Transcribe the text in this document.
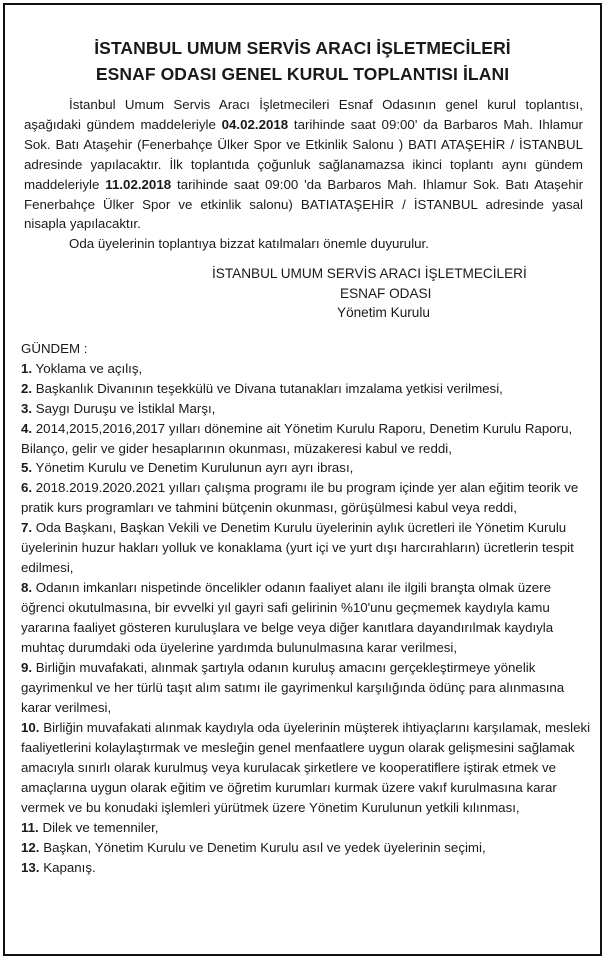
İSTANBUL UMUM SERVİS ARACI İŞLETMECİLERİ
ESNAF ODASI GENEL KURUL TOPLANTISI İLANI

İstanbul Umum Servis Aracı İşletmecileri Esnaf Odasının genel kurul toplantısı, aşağıdaki gündem maddeleriyle 04.02.2018 tarihinde saat 09:00' da Barbaros Mah. Ihlamur Sok. Batı Ataşehir (Fenerbahçe Ülker Spor ve Etkinlik Salonu ) BATI ATAŞEHİR / İSTANBUL adresinde yapılacaktır. İlk toplantıda çoğunluk sağlanamazsa ikinci toplantı aynı gündem maddeleriyle 11.02.2018 tarihinde saat 09:00 'da Barbaros Mah. Ihlamur Sok. Batı Ataşehir Fenerbahçe Ülker Spor ve etkinlik salonu) BATIATAŞEHİR / İSTANBUL adresinde yasal nisapla yapılacaktır.

Oda üyelerinin toplantıya bizzat katılmaları önemle duyurulur.

İSTANBUL UMUM SERVİS ARACI İŞLETMECİLERİ
ESNAF ODASI
Yönetim Kurulu
GÜNDEM :
1. Yoklama ve açılış,
2. Başkanlık Divanının teşekkülü ve Divana tutanakları imzalama yetkisi verilmesi,
3. Saygı Duruşu ve İstiklal Marşı,
4. 2014,2015,2016,2017 yılları dönemine ait Yönetim Kurulu Raporu, Denetim Kurulu Raporu, Bilanço, gelir ve gider hesaplarının okunması, müzakeresi kabul ve reddi,
5. Yönetim Kurulu ve Denetim Kurulunun ayrı ayrı ibrası,
6. 2018.2019.2020.2021 yılları çalışma programı ile bu program içinde yer alan eğitim teorik ve pratik kurs programları ve tahmini bütçenin okunması, görüşülmesi kabul veya reddi,
7. Oda Başkanı, Başkan Vekili ve Denetim Kurulu üyelerinin aylık ücretleri ile Yönetim Kurulu üyelerinin huzur hakları yolluk ve konaklama (yurt içi ve yurt dışı harcırahların) ücretlerin tespit edilmesi,
8. Odanın imkanları nispetinde öncelikler odanın faaliyet alanı ile ilgili branşta olmak üzere öğrenci okutulmasına, bir evvelki yıl gayri safi gelirinin %10'unu geçmemek kaydıyla kamu yararına faaliyet gösteren kuruluşlara ve belge veya diğer kanıtlara dayandırılmak kaydıyla muhtaç durumdaki oda üyelerine yardımda bulunulmasına karar verilmesi,
9. Birliğin muvafakati, alınmak şartıyla odanın kuruluş amacını gerçekleştirmeye yönelik gayrimenkul ve her türlü taşıt alım satımı ile gayrimenkul karşılığında ödünç para alınmasına karar verilmesi,
10. Birliğin muvafakati alınmak kaydıyla oda üyelerinin müşterek ihtiyaçlarını karşılamak, mesleki faaliyetlerini kolaylaştırmak ve mesleğin genel menfaatlere uygun olarak gelişmesini sağlamak amacıyla sınırlı olarak kurulmuş veya kurulacak şirketlere ve kooperatiflere iştirak etmek ve amaçlarına uygun olarak eğitim ve öğretim kurumları kurmak üzere vakıf kurulmasına karar vermek ve bu konudaki işlemleri yürütmek üzere Yönetim Kurulunun yetkili kılınması,
11. Dilek ve temenniler,
12. Başkan, Yönetim Kurulu ve Denetim Kurulu asıl ve yedek üyelerinin seçimi,
13. Kapanış.
